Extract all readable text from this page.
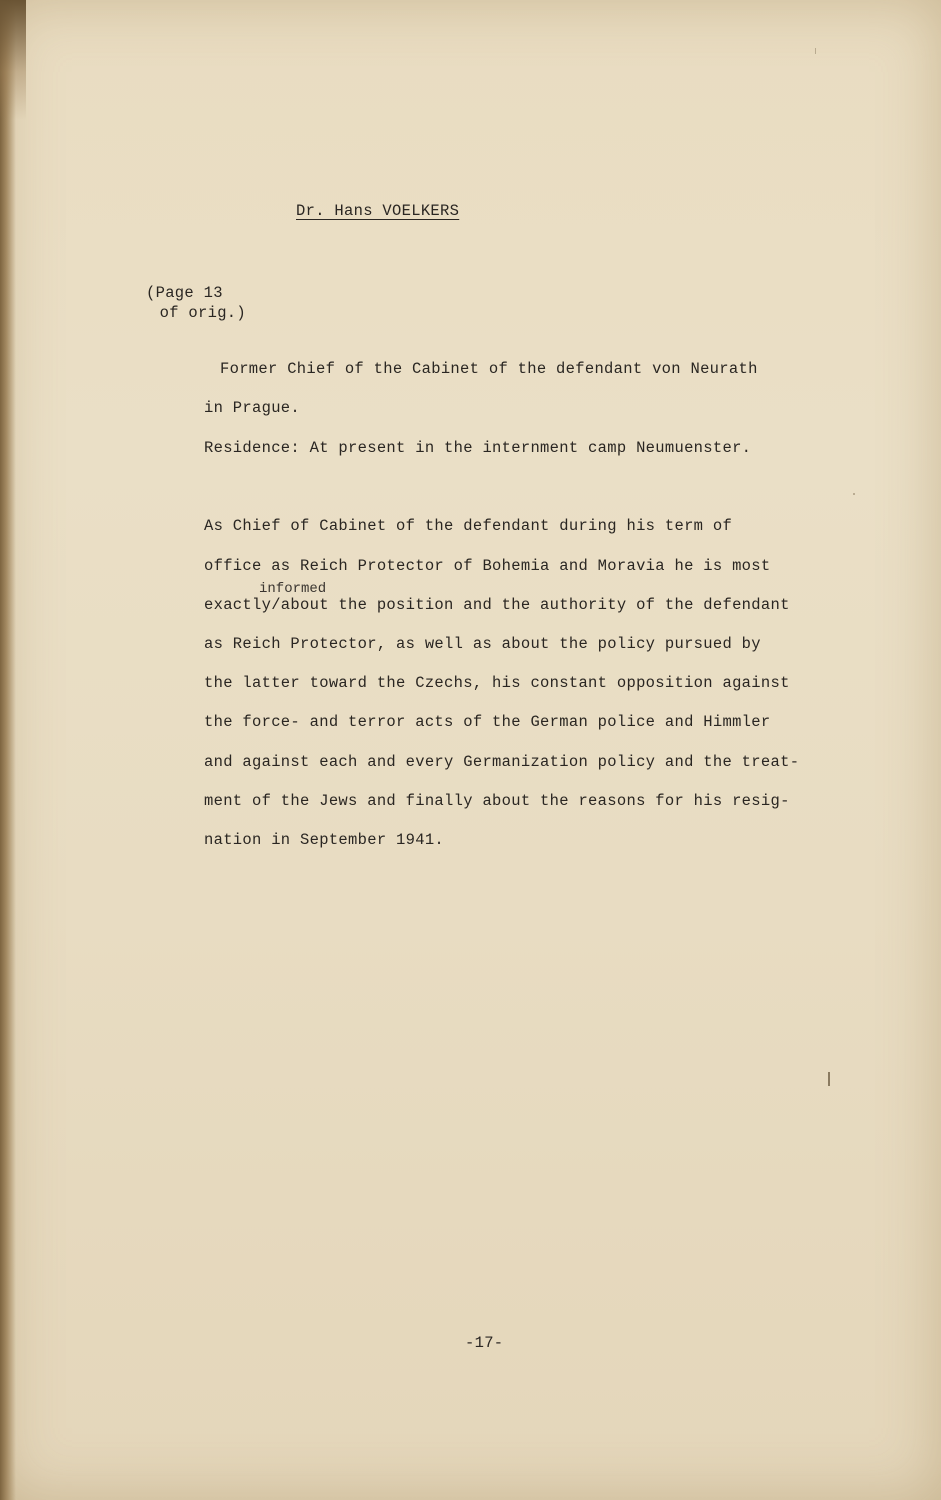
Dr. Hans VOELKERS
(Page 13
of orig.)
Former Chief of the Cabinet of the defendant von Neurath
in Prague.
Residence: At present in the internment camp Neumuenster.
As Chief of Cabinet of the defendant during his term of
office as Reich Protector of Bohemia and Moravia he is most
informed
exactly/about the position and the authority of the defendant
as Reich Protector, as well as about the policy pursued by
the latter toward the Czechs, his constant opposition against
the force- and terror acts of the German police and Himmler
and against each and every Germanization policy and the treat-
ment of the Jews and finally about the reasons for his resig-
nation in September 1941.
-17-
